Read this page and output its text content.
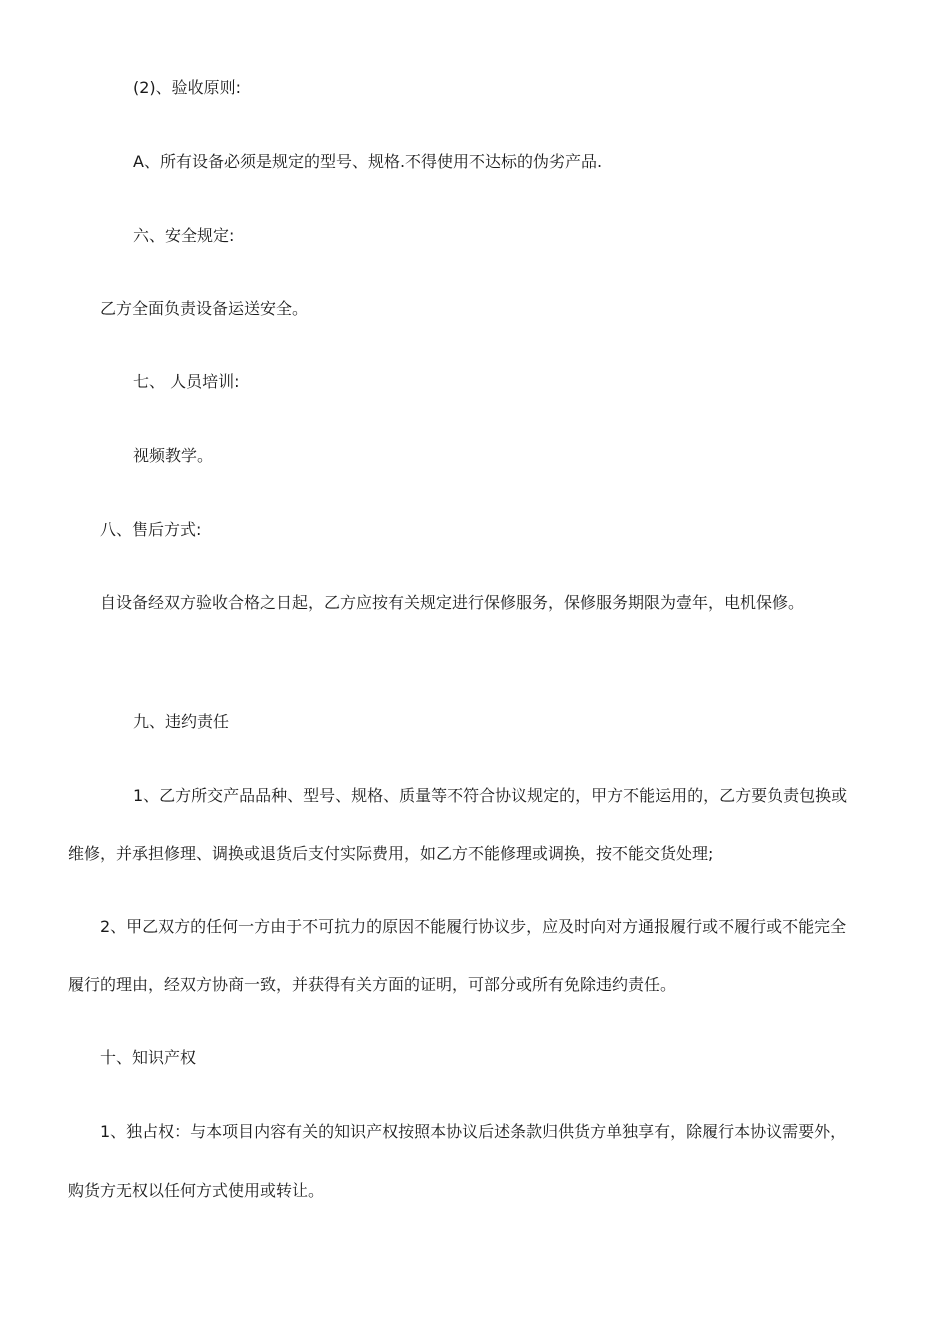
(2)、验收原则:
A、所有设备必须是规定的型号、规格.不得使用不达标的伪劣产品.
六、安全规定:
乙方全面负责设备运送安全。
七、 人员培训:
视频教学。
八、售后方式:
自设备经双方验收合格之日起，乙方应按有关规定进行保修服务，保修服务期限为壹年，电机保修。
九、违约责任
1、乙方所交产品品种、型号、规格、质量等不符合协议规定的，甲方不能运用的，乙方要负责包换或
维修，并承担修理、调换或退货后支付实际费用，如乙方不能修理或调换，按不能交货处理;
2、甲乙双方的任何一方由于不可抗力的原因不能履行协议步，应及时向对方通报履行或不履行或不能完全
履行的理由，经双方协商一致，并获得有关方面的证明，可部分或所有免除违约责任。
十、知识产权
1、独占权：与本项目内容有关的知识产权按照本协议后述条款归供货方单独享有，除履行本协议需要外，
购货方无权以任何方式使用或转让。
